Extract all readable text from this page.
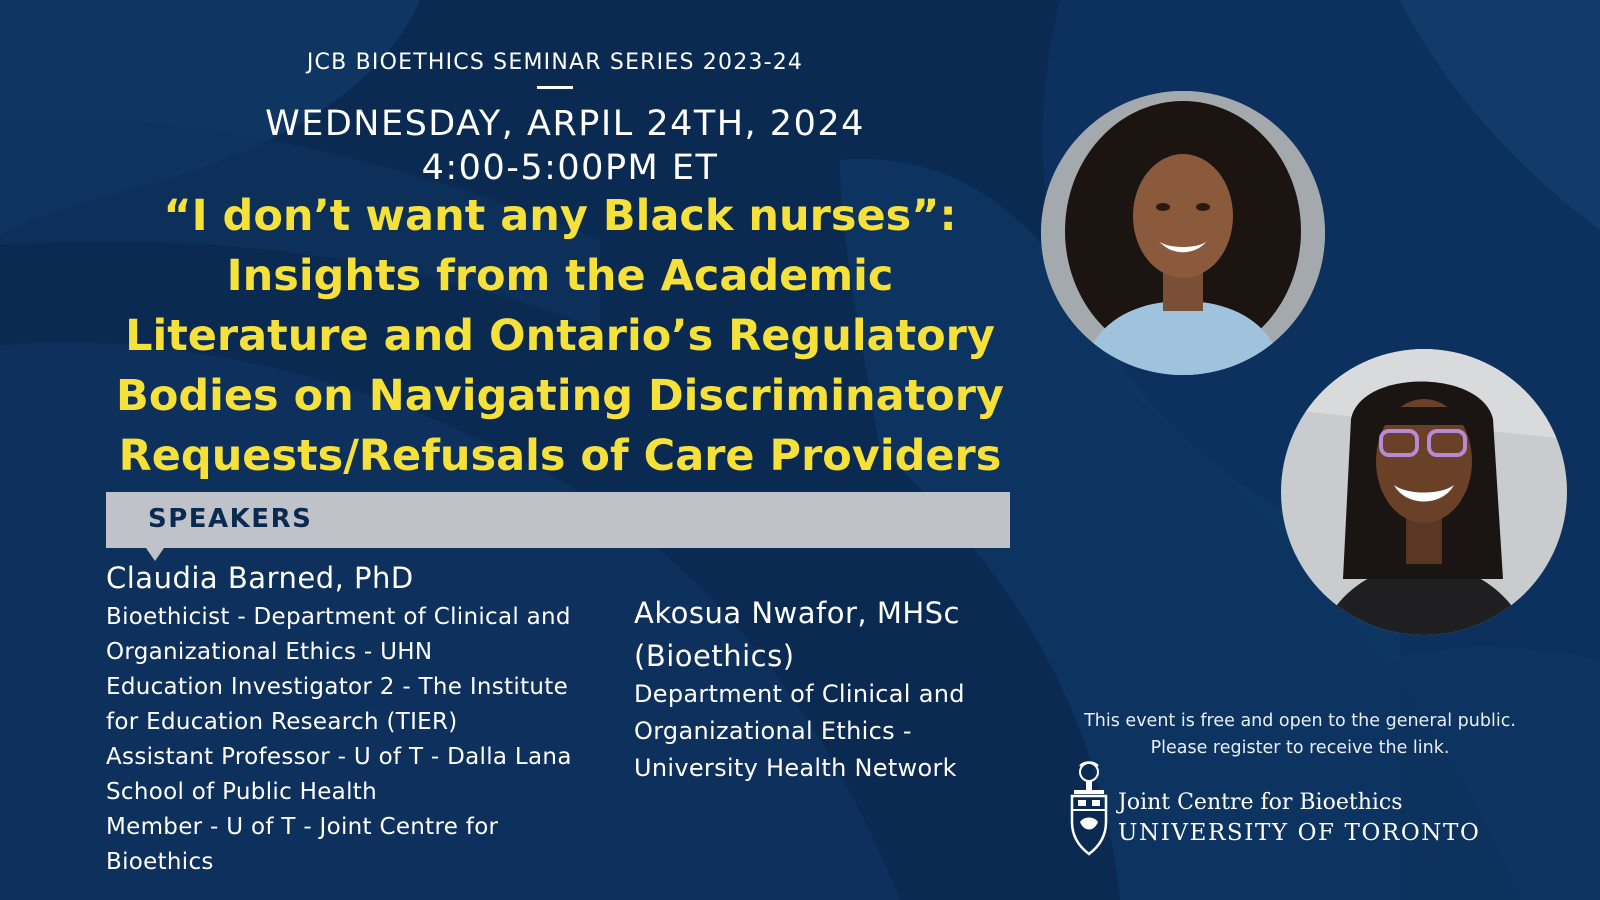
JCB BIOETHICS SEMINAR SERIES 2023-24
WEDNESDAY, ARPIL 24TH, 2024
4:00-5:00PM ET
“I don’t want any Black nurses”:
Insights from the Academic
Literature and Ontario’s Regulatory
Bodies on Navigating Discriminatory
Requests/Refusals of Care Providers
SPEAKERS
Claudia Barned, PhD
Bioethicist - Department of Clinical and
Organizational Ethics - UHN
Education Investigator 2 - The Institute
for Education Research (TIER)
Assistant Professor - U of T - Dalla Lana
School of Public Health
Member - U of T - Joint Centre for
Bioethics
Akosua Nwafor, MHSc
(Bioethics)
Department of Clinical and
Organizational Ethics -
University Health Network
This event is free and open to the general public.
Please register to receive the link.
Joint Centre for Bioethics
UNIVERSITY OF TORONTO
